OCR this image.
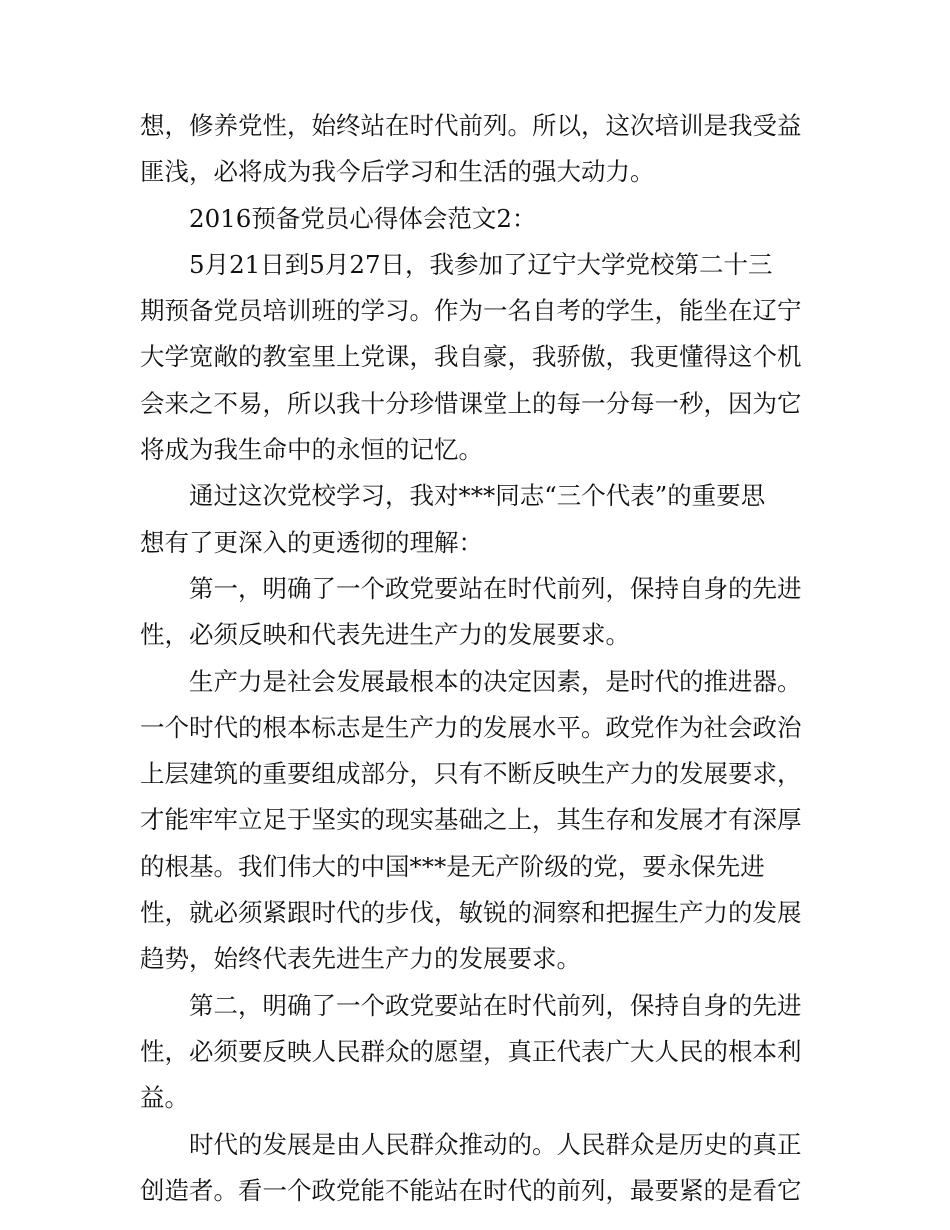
想，修养党性，始终站在时代前列。所以，这次培训是我受益
匪浅，必将成为我今后学习和生活的强大动力。
2016预备党员心得体会范文2：
5月21日到5月27日，我参加了辽宁大学党校第二十三
期预备党员培训班的学习。作为一名自考的学生，能坐在辽宁
大学宽敞的教室里上党课，我自豪，我骄傲，我更懂得这个机
会来之不易，所以我十分珍惜课堂上的每一分每一秒，因为它
将成为我生命中的永恒的记忆。
通过这次党校学习，我对***同志“三个代表”的重要思
想有了更深入的更透彻的理解：
第一，明确了一个政党要站在时代前列，保持自身的先进
性，必须反映和代表先进生产力的发展要求。
生产力是社会发展最根本的决定因素，是时代的推进器。
一个时代的根本标志是生产力的发展水平。政党作为社会政治
上层建筑的重要组成部分，只有不断反映生产力的发展要求，
才能牢牢立足于坚实的现实基础之上，其生存和发展才有深厚
的根基。我们伟大的中国***是无产阶级的党，要永保先进
性，就必须紧跟时代的步伐，敏锐的洞察和把握生产力的发展
趋势，始终代表先进生产力的发展要求。
第二，明确了一个政党要站在时代前列，保持自身的先进
性，必须要反映人民群众的愿望，真正代表广大人民的根本利
益。
时代的发展是由人民群众推动的。人民群众是历史的真正
创造者。看一个政党能不能站在时代的前列，最要紧的是看它
